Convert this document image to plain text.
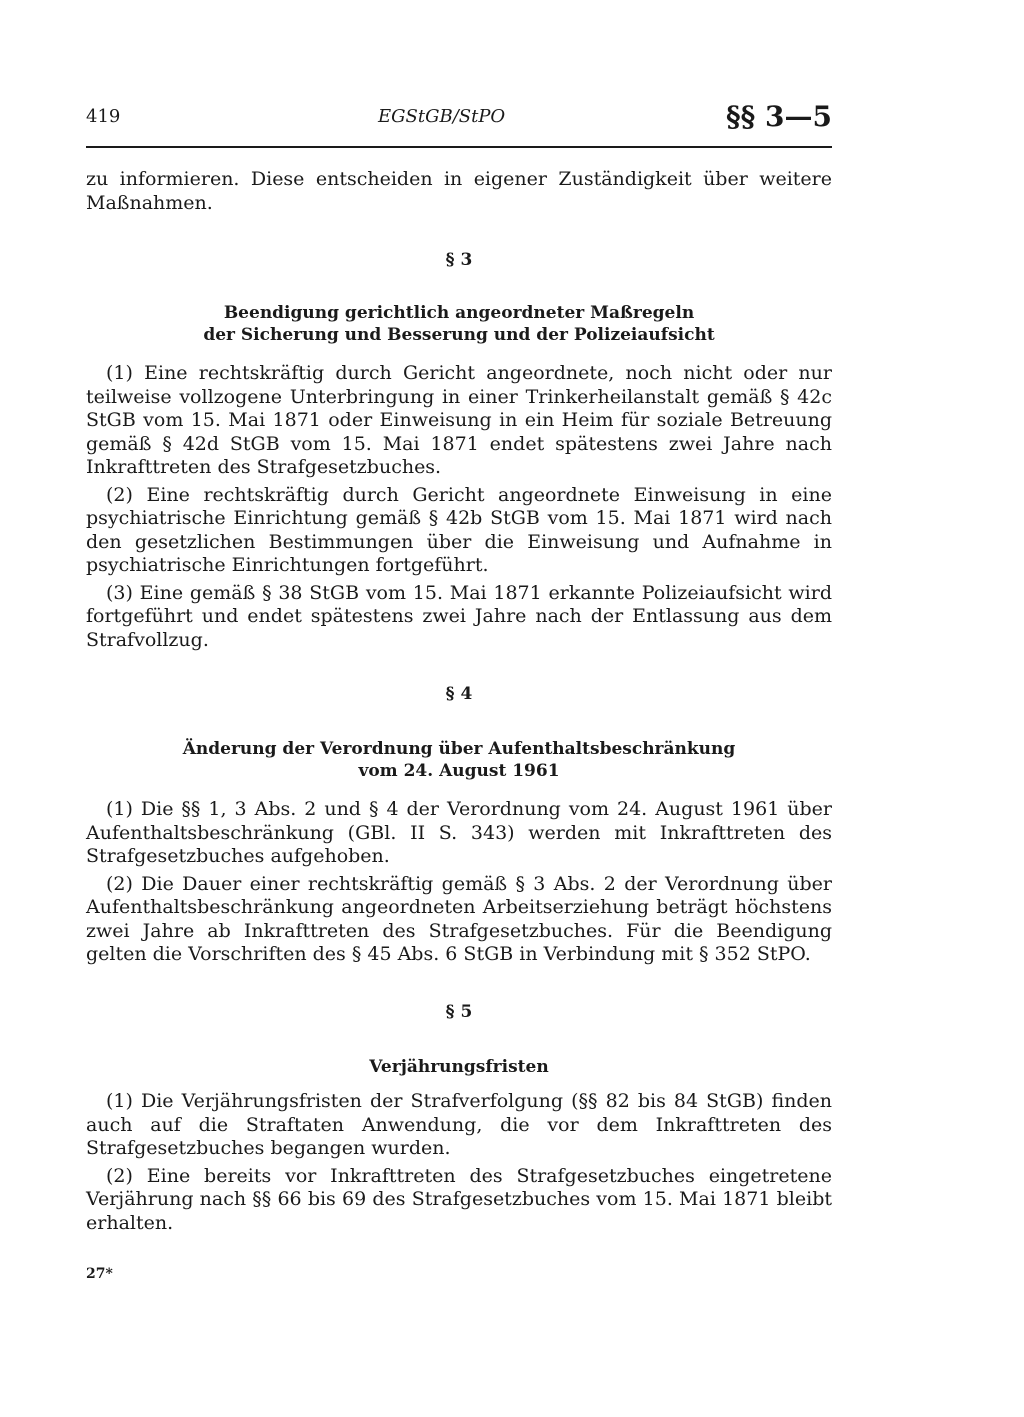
419	EGStGB/StPO	§§ 3—5

zu informieren. Diese entscheiden in eigener Zuständigkeit über weitere Maßnahmen.

§ 3
Beendigung gerichtlich angeordneter Maßregeln
der Sicherung und Besserung und der Polizeiaufsicht

(1) Eine rechtskräftig durch Gericht angeordnete, noch nicht oder nur teilweise vollzogene Unterbringung in einer Trinkerheilanstalt gemäß § 42c StGB vom 15. Mai 1871 oder Einweisung in ein Heim für soziale Betreuung gemäß § 42d StGB vom 15. Mai 1871 endet spätestens zwei Jahre nach Inkrafttreten des Strafgesetzbuches.

(2) Eine rechtskräftig durch Gericht angeordnete Einweisung in eine psychiatrische Einrichtung gemäß § 42b StGB vom 15. Mai 1871 wird nach den gesetzlichen Bestimmungen über die Einweisung und Aufnahme in psychiatrische Einrichtungen fortgeführt.

(3) Eine gemäß § 38 StGB vom 15. Mai 1871 erkannte Polizeiaufsicht wird fortgeführt und endet spätestens zwei Jahre nach der Entlassung aus dem Strafvollzug.

§ 4
Änderung der Verordnung über Aufenthaltsbeschränkung
vom 24. August 1961

(1) Die §§ 1, 3 Abs. 2 und § 4 der Verordnung vom 24. August 1961 über Aufenthaltsbeschränkung (GBl. II S. 343) werden mit Inkrafttreten des Strafgesetzbuches aufgehoben.

(2) Die Dauer einer rechtskräftig gemäß § 3 Abs. 2 der Verordnung über Aufenthaltsbeschränkung angeordneten Arbeitserziehung beträgt höchstens zwei Jahre ab Inkrafttreten des Strafgesetzbuches. Für die Beendigung gelten die Vorschriften des § 45 Abs. 6 StGB in Verbindung mit § 352 StPO.

§ 5
Verjährungsfristen

(1) Die Verjährungsfristen der Strafverfolgung (§§ 82 bis 84 StGB) finden auch auf die Straftaten Anwendung, die vor dem Inkrafttreten des Strafgesetzbuches begangen wurden.

(2) Eine bereits vor Inkrafttreten des Strafgesetzbuches eingetretene Verjährung nach §§ 66 bis 69 des Strafgesetzbuches vom 15. Mai 1871 bleibt erhalten.

27*
